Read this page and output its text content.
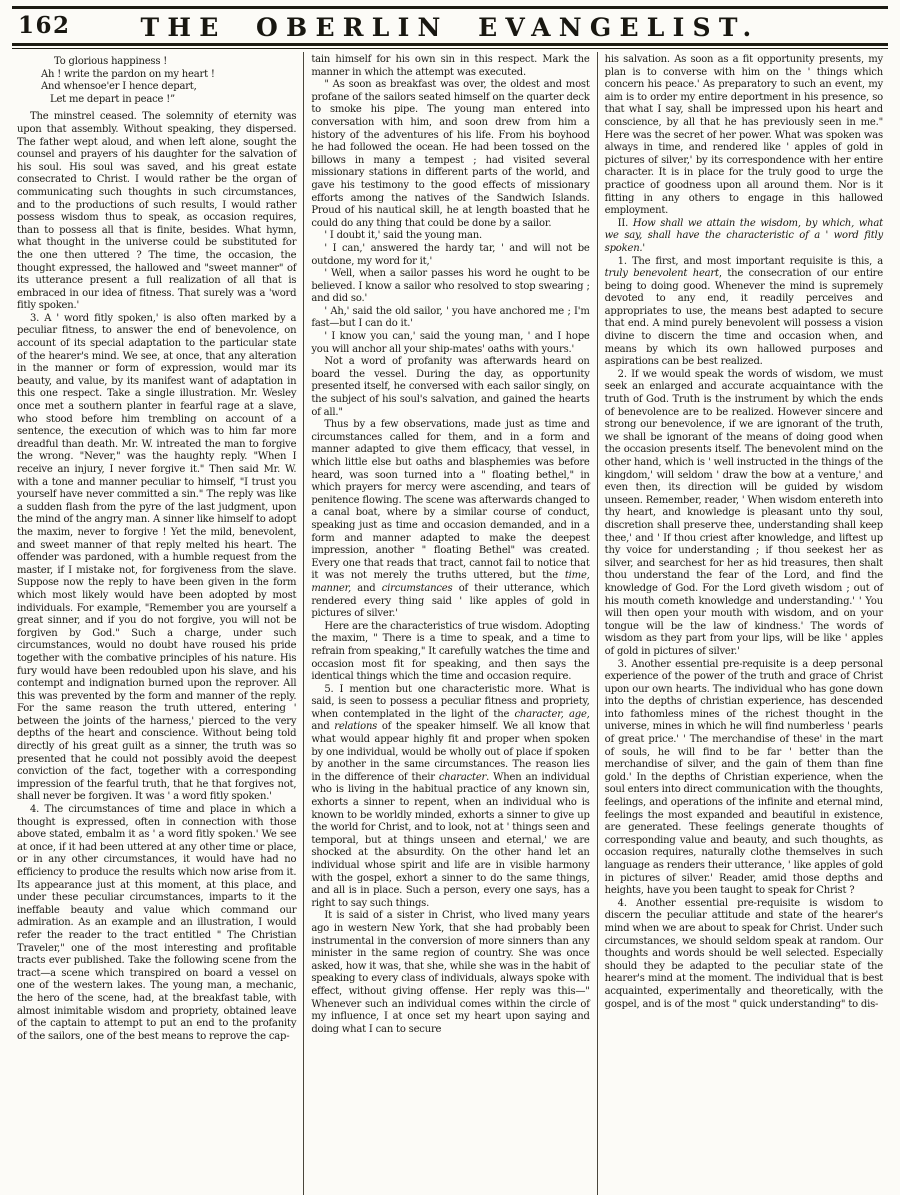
162	THE OBERLIN EVANGELIST.
To glorious happiness !
Ah ! write the pardon on my heart !
And whensoe'er I hence depart,
Let me depart in peace !”

The minstrel ceased. The solemnity of eternity was upon that assembly. Without speaking, they dispersed. The father wept aloud, and when left alone, sought the counsel and prayers of his daughter for the salvation of his soul. His soul was saved, and his great estate consecrated to Christ. I would rather be the organ of communicating such thoughts in such circumstances, and to the productions of such results, I would rather possess wisdom thus to speak, as occasion requires, than to possess all that is finite, besides. What hymn, what thought in the universe could be substituted for the one then uttered ? The time, the occasion, the thought expressed, the hallowed and "sweet manner" of its utterance present a full realization of all that is embraced in our idea of fitness. That surely was a 'word fitly spoken.'

3. A ' word fitly spoken,' is also often marked by a peculiar fitness, to answer the end of benevolence, on account of its special adaptation to the particular state of the hearer's mind. We see, at once, that any alteration in the manner or form of expression, would mar its beauty, and value, by its manifest want of adaptation in this one respect. Take a single illustration. Mr. Wesley once met a southern planter in fearful rage at a slave, who stood before him trembling on account of a sentence, the execution of which was to him far more dreadful than death. Mr. W. intreated the man to forgive the wrong. "Never," was the haughty reply. "When I receive an injury, I never forgive it." Then said Mr. W. with a tone and manner peculiar to himself, "I trust you yourself have never committed a sin." The reply was like a sudden flash from the pyre of the last judgment, upon the mind of the angry man. A sinner like himself to adopt the maxim, never to forgive ! Yet the mild, benevolent, and sweet manner of that reply melted his heart. The offender was pardoned, with a humble request from the master, if I mistake not, for forgiveness from the slave. Suppose now the reply to have been given in the form which most likely would have been adopted by most individuals. For example, "Remember you are yourself a great sinner, and if you do not forgive, you will not be forgiven by God." Such a charge, under such circumstances, would no doubt have roused his pride together with the combative principles of his nature. His fury would have been redoubled upon his slave, and his contempt and indignation burned upon the reprover. All this was prevented by the form and manner of the reply. For the same reason the truth uttered, entering ' between the joints of the harness,' pierced to the very depths of the heart and conscience. Without being told directly of his great guilt as a sinner, the truth was so presented that he could not possibly avoid the deepest conviction of the fact, together with a corresponding impression of the fearful truth, that he that forgives not, shall never be forgiven. It was ' a word fitly spoken.'

4. The circumstances of time and place in which a thought is expressed, often in connection with those above stated, embalm it as ' a word fitly spoken.' We see at once, if it had been uttered at any other time or place, or in any other circumstances, it would have had no efficiency to produce the results which now arise from it. Its appearance just at this moment, at this place, and under these peculiar circumstances, imparts to it the ineffable beauty and value which command our admiration. As an example and an illustration, I would refer the reader to the tract entitled " The Christian Traveler," one of the most interesting and profitable tracts ever published. Take the following scene from the tract—a scene which transpired on board a vessel on one of the western lakes. The young man, a mechanic, the hero of the scene, had, at the breakfast table, with almost inimitable wisdom and propriety, obtained leave of the captain to attempt to put an end to the profanity of the sailors, one of the best means to reprove the cap-

tain himself for his own sin in this respect. Mark the manner in which the attempt was executed.

" As soon as breakfast was over, the oldest and most profane of the sailors seated himself on the quarter deck to smoke his pipe. The young man entered into conversation with him, and soon drew from him a history of the adventures of his life. From his boyhood he had followed the ocean. He had been tossed on the billows in many a tempest ; had visited several missionary stations in different parts of the world, and gave his testimony to the good effects of missionary efforts among the natives of the Sandwich Islands. Proud of his nautical skill, he at length boasted that he could do any thing that could be done by a sailor.

' I doubt it,' said the young man.

' I can,' answered the hardy tar, ' and will not be outdone, my word for it,'

' Well, when a sailor passes his word he ought to be believed. I know a sailor who resolved to stop swearing ; and did so.'

' Ah,' said the old sailor, ' you have anchored me ; I'm fast—but I can do it.'

' I know you can,' said the young man, ' and I hope you will anchor all your ship-mates' oaths with yours.'

Not a word of profanity was afterwards heard on board the vessel. During the day, as opportunity presented itself, he conversed with each sailor singly, on the subject of his soul's salvation, and gained the hearts of all."

Thus by a few observations, made just as time and circumstances called for them, and in a form and manner adapted to give them efficacy, that vessel, in which little else but oaths and blasphemies was before heard, was soon turned into a " floating bethel," in which prayers for mercy were ascending, and tears of penitence flowing. The scene was afterwards changed to a canal boat, where by a similar course of conduct, speaking just as time and occasion demanded, and in a form and manner adapted to make the deepest impression, another " floating Bethel" was created. Every one that reads that tract, cannot fail to notice that it was not merely the truths uttered, but the time, manner, and circumstances of their utterance, which rendered every thing said ' like apples of gold in pictures of silver.'

Here are the characteristics of true wisdom. Adopting the maxim, " There is a time to speak, and a time to refrain from speaking," It carefully watches the time and occasion most fit for speaking, and then says the identical things which the time and occasion require.

5. I mention but one characteristic more. What is said, is seen to possess a peculiar fitness and propriety, when contemplated in the light of the character, age, and relations of the speaker himself. We all know that what would appear highly fit and proper when spoken by one individual, would be wholly out of place if spoken by another in the same circumstances. The reason lies in the difference of their character. When an individual who is living in the habitual practice of any known sin, exhorts a sinner to repent, when an individual who is known to be worldly minded, exhorts a sinner to give up the world for Christ, and to look, not at ' things seen and temporal, but at things unseen and eternal,' we are shocked at the absurdity. On the other hand let an individual whose spirit and life are in visible harmony with the gospel, exhort a sinner to do the same things, and all is in place. Such a person, every one says, has a right to say such things.

It is said of a sister in Christ, who lived many years ago in western New York, that she had probably been instrumental in the conversion of more sinners than any minister in the same region of country. She was once asked, how it was, that she, while she was in the habit of speaking to every class of individuals, always spoke with effect, without giving offense. Her reply was this—" Whenever such an individual comes within the circle of my influence, I at once set my heart upon saying and doing what I can to secure

his salvation. As soon as a fit opportunity presents, my plan is to converse with him on the ' things which concern his peace.' As preparatory to such an event, my aim is to order my entire deportment in his presence, so that what I say, shall be impressed upon his heart and conscience, by all that he has previously seen in me." Here was the secret of her power. What was spoken was always in time, and rendered like ' apples of gold in pictures of silver,' by its correspondence with her entire character. It is in place for the truly good to urge the practice of goodness upon all around them. Nor is it fitting in any others to engage in this hallowed employment.

II. How shall we attain the wisdom, by which, what we say, shall have the characteristic of a ' word fitly spoken.'

1. The first, and most important requisite is this, a truly benevolent heart, the consecration of our entire being to doing good. Whenever the mind is supremely devoted to any end, it readily perceives and appropriates to use, the means best adapted to secure that end. A mind purely benevolent will possess a vision divine to discern the time and occasion when, and means by which its own hallowed purposes and aspirations can be best realized.

2. If we would speak the words of wisdom, we must seek an enlarged and accurate acquaintance with the truth of God. Truth is the instrument by which the ends of benevolence are to be realized. However sincere and strong our benevolence, if we are ignorant of the truth, we shall be ignorant of the means of doing good when the occasion presents itself. The benevolent mind on the other hand, which is ' well instructed in the things of the kingdom,' will seldom ' draw the bow at a venture,' and even then, its direction will be guided by wisdom unseen. Remember, reader, ' When wisdom entereth into thy heart, and knowledge is pleasant unto thy soul, discretion shall preserve thee, understanding shall keep thee,' and ' If thou criest after knowledge, and liftest up thy voice for understanding ; if thou seekest her as silver, and searchest for her as hid treasures, then shalt thou understand the fear of the Lord, and find the knowledge of God. For the Lord giveth wisdom ; out of his mouth cometh knowledge and understanding.' ' You will then open your mouth with wisdom, and on your tongue will be the law of kindness.' The words of wisdom as they part from your lips, will be like ' apples of gold in pictures of silver.'

3. Another essential pre-requisite is a deep personal experience of the power of the truth and grace of Christ upon our own hearts. The individual who has gone down into the depths of christian experience, has descended into fathomless mines of the richest thought in the universe, mines in which he will find numberless ' pearls of great price.' ' The merchandise of these' in the mart of souls, he will find to be far ' better than the merchandise of silver, and the gain of them than fine gold.' In the depths of Christian experience, when the soul enters into direct communication with the thoughts, feelings, and operations of the infinite and eternal mind, feelings the most expanded and beautiful in existence, are generated. These feelings generate thoughts of corresponding value and beauty, and such thoughts, as occasion requires, naturally clothe themselves in such language as renders their utterance, ' like apples of gold in pictures of silver.' Reader, amid those depths and heights, have you been taught to speak for Christ ?

4. Another essential pre-requisite is wisdom to discern the peculiar attitude and state of the hearer's mind when we are about to speak for Christ. Under such circumstances, we should seldom speak at random. Our thoughts and words should be well selected. Especially should they be adapted to the peculiar state of the hearer's mind at the moment. The individual that is best acquainted, experimentally and theoretically, with the gospel, and is of the most " quick understanding" to dis-
